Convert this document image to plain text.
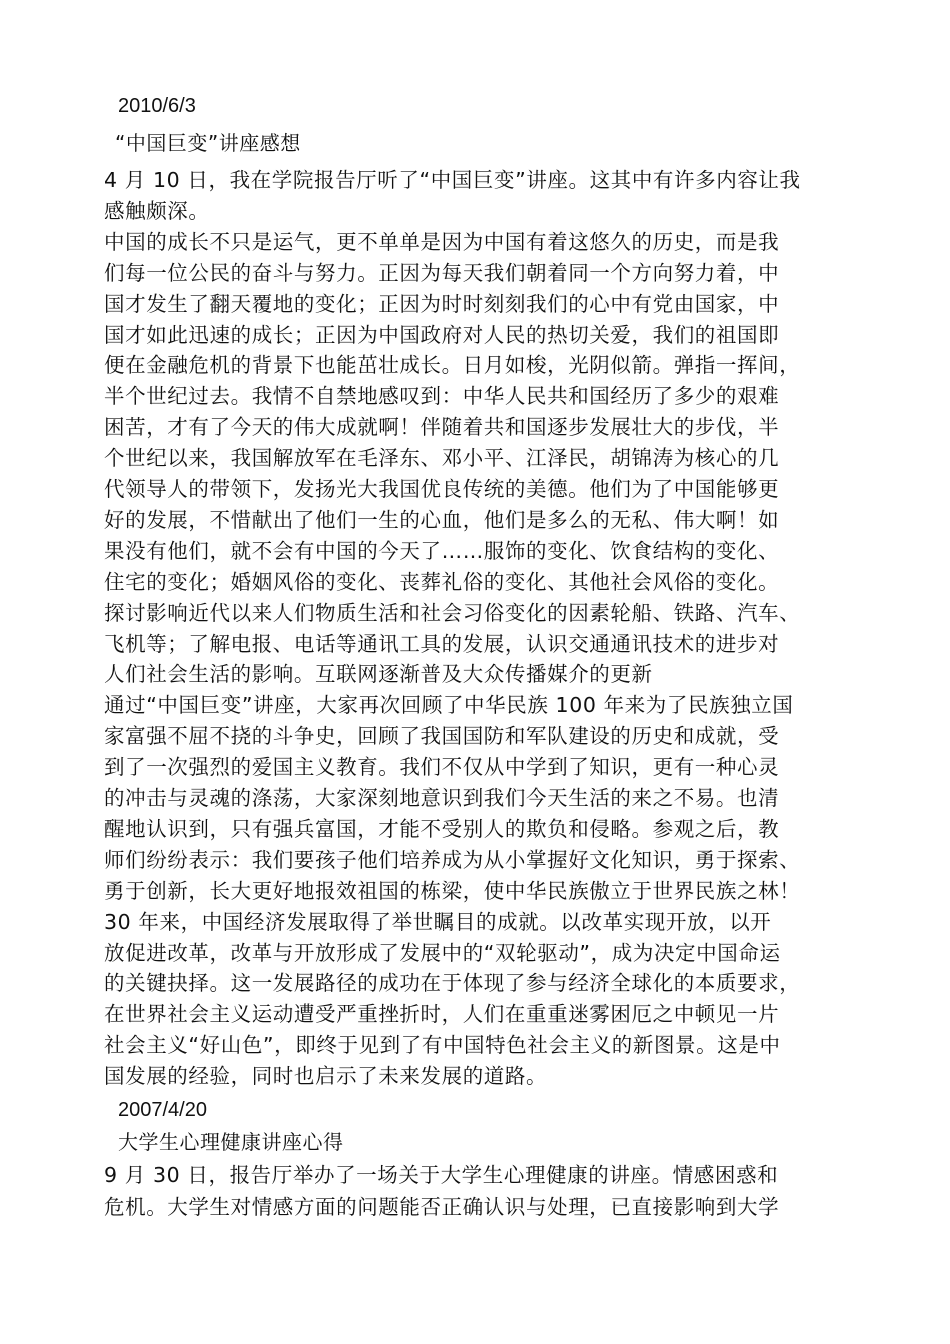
2010/6/3
“中国巨变”讲座感想
4 月 10 日，我在学院报告厅听了“中国巨变”讲座。这其中有许多内容让我
感触颇深。
中国的成长不只是运气，更不单单是因为中国有着这悠久的历史，而是我
们每一位公民的奋斗与努力。正因为每天我们朝着同一个方向努力着，中
国才发生了翻天覆地的变化；正因为时时刻刻我们的心中有党由国家，中
国才如此迅速的成长；正因为中国政府对人民的热切关爱，我们的祖国即
便在金融危机的背景下也能茁壮成长。日月如梭，光阴似箭。弹指一挥间，
半个世纪过去。我情不自禁地感叹到：中华人民共和国经历了多少的艰难
困苦，才有了今天的伟大成就啊！伴随着共和国逐步发展壮大的步伐，半
个世纪以来，我国解放军在毛泽东、邓小平、江泽民，胡锦涛为核心的几
代领导人的带领下，发扬光大我国优良传统的美德。他们为了中国能够更
好的发展，不惜献出了他们一生的心血，他们是多么的无私、伟大啊！如
果没有他们，就不会有中国的今天了……服饰的变化、饮食结构的变化、
住宅的变化；婚姻风俗的变化、丧葬礼俗的变化、其他社会风俗的变化。
探讨影响近代以来人们物质生活和社会习俗变化的因素轮船、铁路、汽车、
飞机等；了解电报、电话等通讯工具的发展，认识交通通讯技术的进步对
人们社会生活的影响。互联网逐渐普及大众传播媒介的更新
通过“中国巨变”讲座，大家再次回顾了中华民族 100 年来为了民族独立国
家富强不屈不挠的斗争史，回顾了我国国防和军队建设的历史和成就，受
到了一次强烈的爱国主义教育。我们不仅从中学到了知识，更有一种心灵
的冲击与灵魂的涤荡，大家深刻地意识到我们今天生活的来之不易。也清
醒地认识到，只有强兵富国，才能不受别人的欺负和侵略。参观之后，教
师们纷纷表示：我们要孩子他们培养成为从小掌握好文化知识，勇于探索、
勇于创新，长大更好地报效祖国的栋梁，使中华民族傲立于世界民族之林！
30 年来，中国经济发展取得了举世瞩目的成就。以改革实现开放，以开
放促进改革，改革与开放形成了发展中的“双轮驱动”，成为决定中国命运
的关键抉择。这一发展路径的成功在于体现了参与经济全球化的本质要求，
在世界社会主义运动遭受严重挫折时，人们在重重迷雾困厄之中顿见一片
社会主义“好山色”，即终于见到了有中国特色社会主义的新图景。这是中
国发展的经验，同时也启示了未来发展的道路。
2007/4/20
大学生心理健康讲座心得
9 月 30 日，报告厅举办了一场关于大学生心理健康的讲座。情感困惑和
危机。大学生对情感方面的问题能否正确认识与处理，已直接影响到大学
